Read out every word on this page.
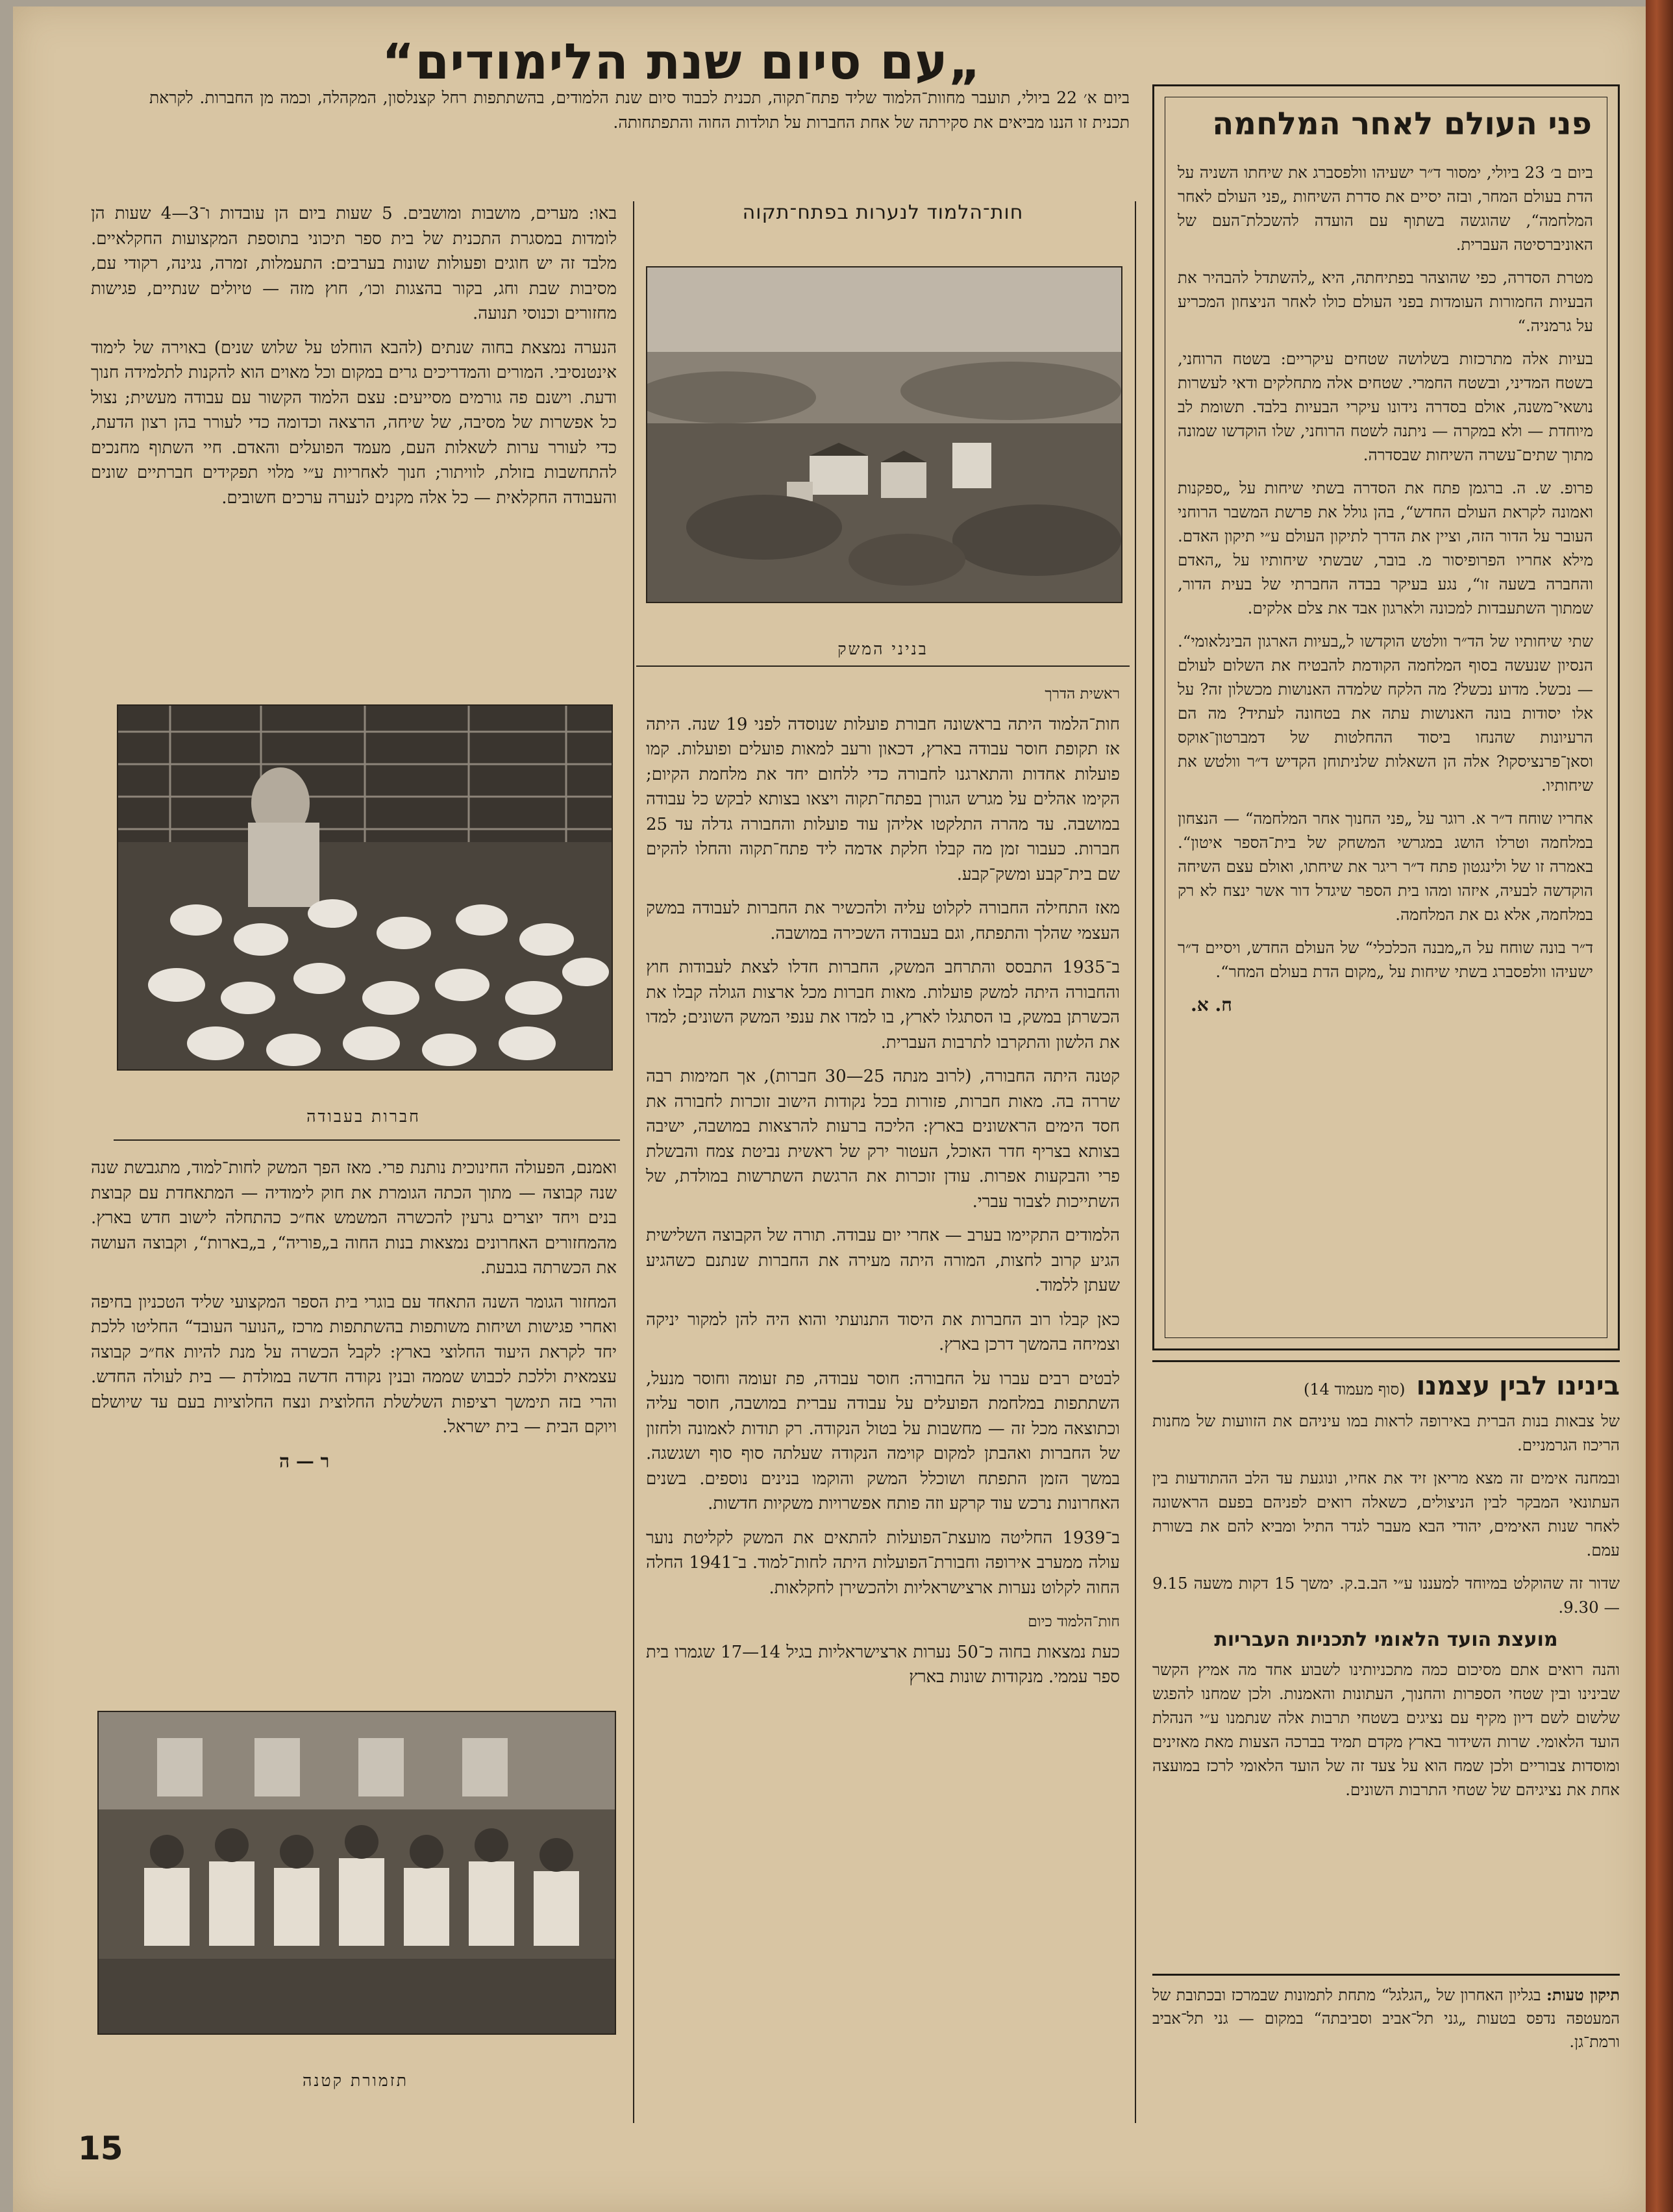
„עם סיום שנת הלימודים“
ביום א׳ 22 ביולי, תועבר מחוות־הלמוד שליד פתח־תקוה, תכנית לכבוד סיום שנת הלמודים, בהשתתפות רחל קצנלסון, המקהלה, וכמה מן החברות. לקראת תכנית זו הננו מביאים את סקירתה של אחת החברות על תולדות החוה והתפתחותה.	פני העולם לאחר המלחמה

ביום ב׳ 23 ביולי, ימסור ד״ר ישעיהו וולפסברג את שיחתו השניה על הדת בעולם המחר, ובזה יסיים את סדרת השיחות „פני העולם לאחר המלחמה“, שהוגשה בשתוף עם הועדה להשכלת־העם של האוניברסיטה העברית.

מטרת הסדרה, כפי שהוצהר בפתיחתה, היא „להשתדל להבהיר את הבעיות החמורות העומדות בפני העולם כולו לאחר הניצחון המכריע על גרמניה.“

בעיות אלה מתרכזות בשלושה שטחים עיקריים: בשטח הרוחני, בשטח המדיני, ובשטח החמרי. שטחים אלה מתחלקים ודאי לעשרות נושאי־משנה, אולם בסדרה נידונו עיקרי הבעיות בלבד. תשומת לב מיוחדת — ולא במקרה — ניתנה לשטח הרוחני, שלו הוקדשו שמונה מתוך שתים־עשרה השיחות שבסדרה.

פרופ. ש. ה. ברגמן פתח את הסדרה בשתי שיחות על „ספקנות ואמונה לקראת העולם החדש“, בהן גולל את פרשת המשבר הרוחני העובר על הדור הזה, וציין את הדרך לתיקון העולם ע״י תיקון האדם. מילא אחריו הפרופיסור מ. בובר, שבשתי שיחותיו על „האדם והחברה בשעה זו“, נגע בעיקר בבדה החברתי של בעית הדור, שמתוך השתעבדות למכונה ולארגון אבד את צלם אלקים.

שתי שיחותיו של הד״ר וולטש הוקדשו ל„בעיות הארגון הבינלאומי“. הנסיון שנעשה בסוף המלחמה הקודמת להבטיח את השלום לעולם — נכשל. מדוע נכשל? מה הלקח שלמדה האנושות מכשלון זה? על אלו יסודות בונה האנושות עתה את בטחונה לעתיד? מה הם הרעיונות שהנחו ביסוד ההחלטות של דמברטון־אוקס וסאן־פרנציסקו? אלה הן השאלות שלניתוחן הקדיש ד״ר וולטש את שיחותיו.

אחריו שוחח ד״ר א. רוגר על „פני החנוך אחר המלחמה“ — הנצחון במלחמה וטרלו הושג במגרשי המשחק של בית־הספר איטון“. באמרה זו של ולינגטון פתח ד״ר ריגר את שיחתו, ואולם עצם השיחה הוקדשה לבעיה, איזהו ומהו בית הספר שיגדל דור אשר ינצח לא רק במלחמה, אלא גם את המלחמה.

ד״ר בונה שוחח על ה„מבנה הכלכלי“ של העולם החדש, ויסיים ד״ר ישעיהו וולפסברג בשתי שיחות על „מקום הדת בעולם המחר“.

ח. א.
בינינו לבין עצמנו (סוף מעמוד 14)

של צבאות בנות הברית באירופה לראות במו עיניהם את הזוועות של מחנות הריכוז הגרמניים.

ובמחנה אימים זה מצא מריאן זיד את אחיו, ונוגעת עד הלב ההתודעות בין העתונאי המבקר לבין הניצולים, כשאלה רואים לפניהם בפעם הראשונה לאחר שנות האימים, יהודי הבא מעבר לגדר התיל ומביא להם את בשורת עמם.

שדור זה שהוקלט במיוחד למעננו ע״י הב.ב.ק. ימשך 15 דקות משעה 9.15 — 9.30.

מועצת הועד הלאומי לתכניות העבריות

והנה רואים אתם מסיכום כמה מתכניותינו לשבוע אחד מה אמיץ הקשר שבינינו ובין שטחי הספרות והחנוך, העתונות והאמנות. ולכן שמחנו להפגש שלשום לשם דיון מקיף עם נציגים בשטחי תרבות אלה שנתמנו ע״י הנהלת הועד הלאומי. שרות השידור בארץ מקדם תמיד בברכה הצעות מאת מאזינים ומוסדות צבוריים ולכן שמח הוא על צעד זה של הועד הלאומי לרכז במועצה אחת את נציגיהם של שטחי התרבות השונים.

תיקון טעות: בגליון האחרון של „הגלגל“ מתחת לתמונות שבמרכז ובכתובת של המעטפה נדפס בטעות „גני תל־אביב וסביבתה“ במקום — גני תל־אביב ורמת־גן.
חות־הלמוד לנערות בפתח־תקוה
בניני המשק
ראשית הדרך

חות־הלמוד היתה בראשונה חבורת פועלות שנוסדה לפני 19 שנה. היתה אז תקופת חוסר עבודה בארץ, דכאון ורעב למאות פועלים ופועלות. קמו פועלות אחדות והתארגנו לחבורה כדי ללחום יחד את מלחמת הקיום; הקימו אהלים על מגרש הגורן בפתח־תקוה ויצאו בצותא לבקש כל עבודה במושבה. עד מהרה התלקטו אליהן עוד פועלות והחבורה גדלה עד 25 חברות. כעבור זמן מה קבלו חלקת אדמה ליד פתח־תקוה והחלו להקים שם בית־קבע ומשק־קבע.

מאז התחילה החבורה לקלוט עליה ולהכשיר את החברות לעבודה במשק העצמי שהלך והתפתח, וגם בעבודה השכירה במושבה.

ב־1935 התבסס והתרחב המשק, החברות חדלו לצאת לעבודות חוץ והחבורה היתה למשק פועלות. מאות חברות מכל ארצות הגולה קבלו את הכשרתן במשק, בו הסתגלו לארץ, בו למדו את ענפי המשק השונים; למדו את הלשון והתקרבו לתרבות העברית.

קטנה היתה החבורה, (לרוב מנתה 25—30 חברות), אך חמימות רבה שררה בה. מאות חברות, פזורות בכל נקודות הישוב זוכרות לחבורה את חסד הימים הראשונים בארץ: הליכה ברעות להרצאות במושבה, ישיבה בצותא בצריף חדר האוכל, העטור ירק של ראשית נביטת צמח והבשלת פרי והבקעות אפרות. עודן זוכרות את הרגשת השתרשות במולדת, של השתייכות לצבור עברי.

הלמודים התקיימו בערב — אחרי יום עבודה. תורה של הקבוצה השלישית הגיע קרוב לחצות, המורה היתה מעירה את החברות שנתנם כשהגיע שעתן ללמוד.

כאן קבלו רוב החברות את היסוד התנועתי והוא היה להן למקור יניקה וצמיחה בהמשך דרכן בארץ.

לבטים רבים עברו על החבורה: חוסר עבודה, פת זעומה וחוסר מנעל, השתתפות במלחמת הפועלים על עבודה עברית במושבה, חוסר עליה וכתוצאה מכל זה — מחשבות על בטול הנקודה. רק תודות לאמונה ולחזון של החברות ואהבתן למקום קוימה הנקודה שעלתה סוף סוף ושגשגה. במשך הזמן התפתח ושוכלל המשק והוקמו בנינים נוספים. בשנים האחרונות נרכש עוד קרקע וזה פותח אפשרויות משקיות חדשות.

ב־1939 החליטה מועצת־הפועלות להתאים את המשק לקליטת נוער עולה ממערב אירופה וחבורת־הפועלות היתה לחות־למוד. ב־1941 החלה החוה לקלוט נערות ארצישראליות ולהכשירן לחקלאות.

חות־הלמוד כיום

כעת נמצאות בחוה כ־50 נערות ארצישראליות בגיל 14—17 שגמרו בית ספר עממי. מנקודות שונות בארץ

באו: מערים, מושבות ומושבים. 5 שעות ביום הן עובדות ו־3—4 שעות הן לומדות במסגרת התכנית של בית ספר תיכוני בתוספת המקצועות החקלאיים. מלבד זה יש חוגים ופעולות שונות בערבים: התעמלות, זמרה, נגינה, רקודי עם, מסיבות שבת וחג, בקור בהצגות וכו׳, חוץ מזה — טיולים שנתיים, פגישות מחזורים וכנוסי תנועה.

הנערה נמצאת בחוה שנתים (להבא הוחלט על שלוש שנים) באוירה של לימוד אינטנסיבי. המורים והמדריכים גרים במקום וכל מאוים הוא להקנות לתלמידה חנוך ודעת. וישנם פה גורמים מסייעים: עצם הלמוד הקשור עם עבודה מעשית; נצול כל אפשרות של מסיבה, של שיחה, הרצאה וכדומה כדי לעורר בהן רצון הדעת, כדי לעורר ערות לשאלות העם, מעמד הפועלים והאדם. חיי השתוף מחנכים להתחשבות בזולת, לוויתור; חנוך לאחריות ע״י מלוי תפקידים חברתיים שונים והעבודה החקלאית — כל אלה מקנים לנערה ערכים חשובים.

חברות בעבודה

ואמנם, הפעולה החינוכית נותנת פרי. מאז הפך המשק לחות־למוד, מתגבשת שנה שנה קבוצה — מתוך הכתה הגומרת את חוק לימודיה — המתאחדת עם קבוצת בנים ויחד יוצרים גרעין להכשרה המשמש אח״כ כהתחלה לישוב חדש בארץ. מהמחזורים האחרונים נמצאות בנות החוה ב„פוריה“, ב„בארות“, וקבוצה העושה את הכשרתה בגבעת.

המחזור הגומר השנה התאחד עם בוגרי בית הספר המקצועי שליד הטכניון בחיפה ואחרי פגישות ושיחות משותפות בהשתתפות מרכז „הנוער העובד“ החליטו ללכת יחד לקראת היעוד החלוצי בארץ: לקבל הכשרה על מנת להיות אח״כ קבוצה עצמאית וללכת לכבוש שממה ובנין נקודה חדשה במולדת — בית לעולה החדש. והרי בזה תימשך רציפות השלשלת החלוצית ונצח החלוציות בעם עד שיושלם ויוקם הבית — בית ישראל.

ר — ה
תזמורת קטנה
15
